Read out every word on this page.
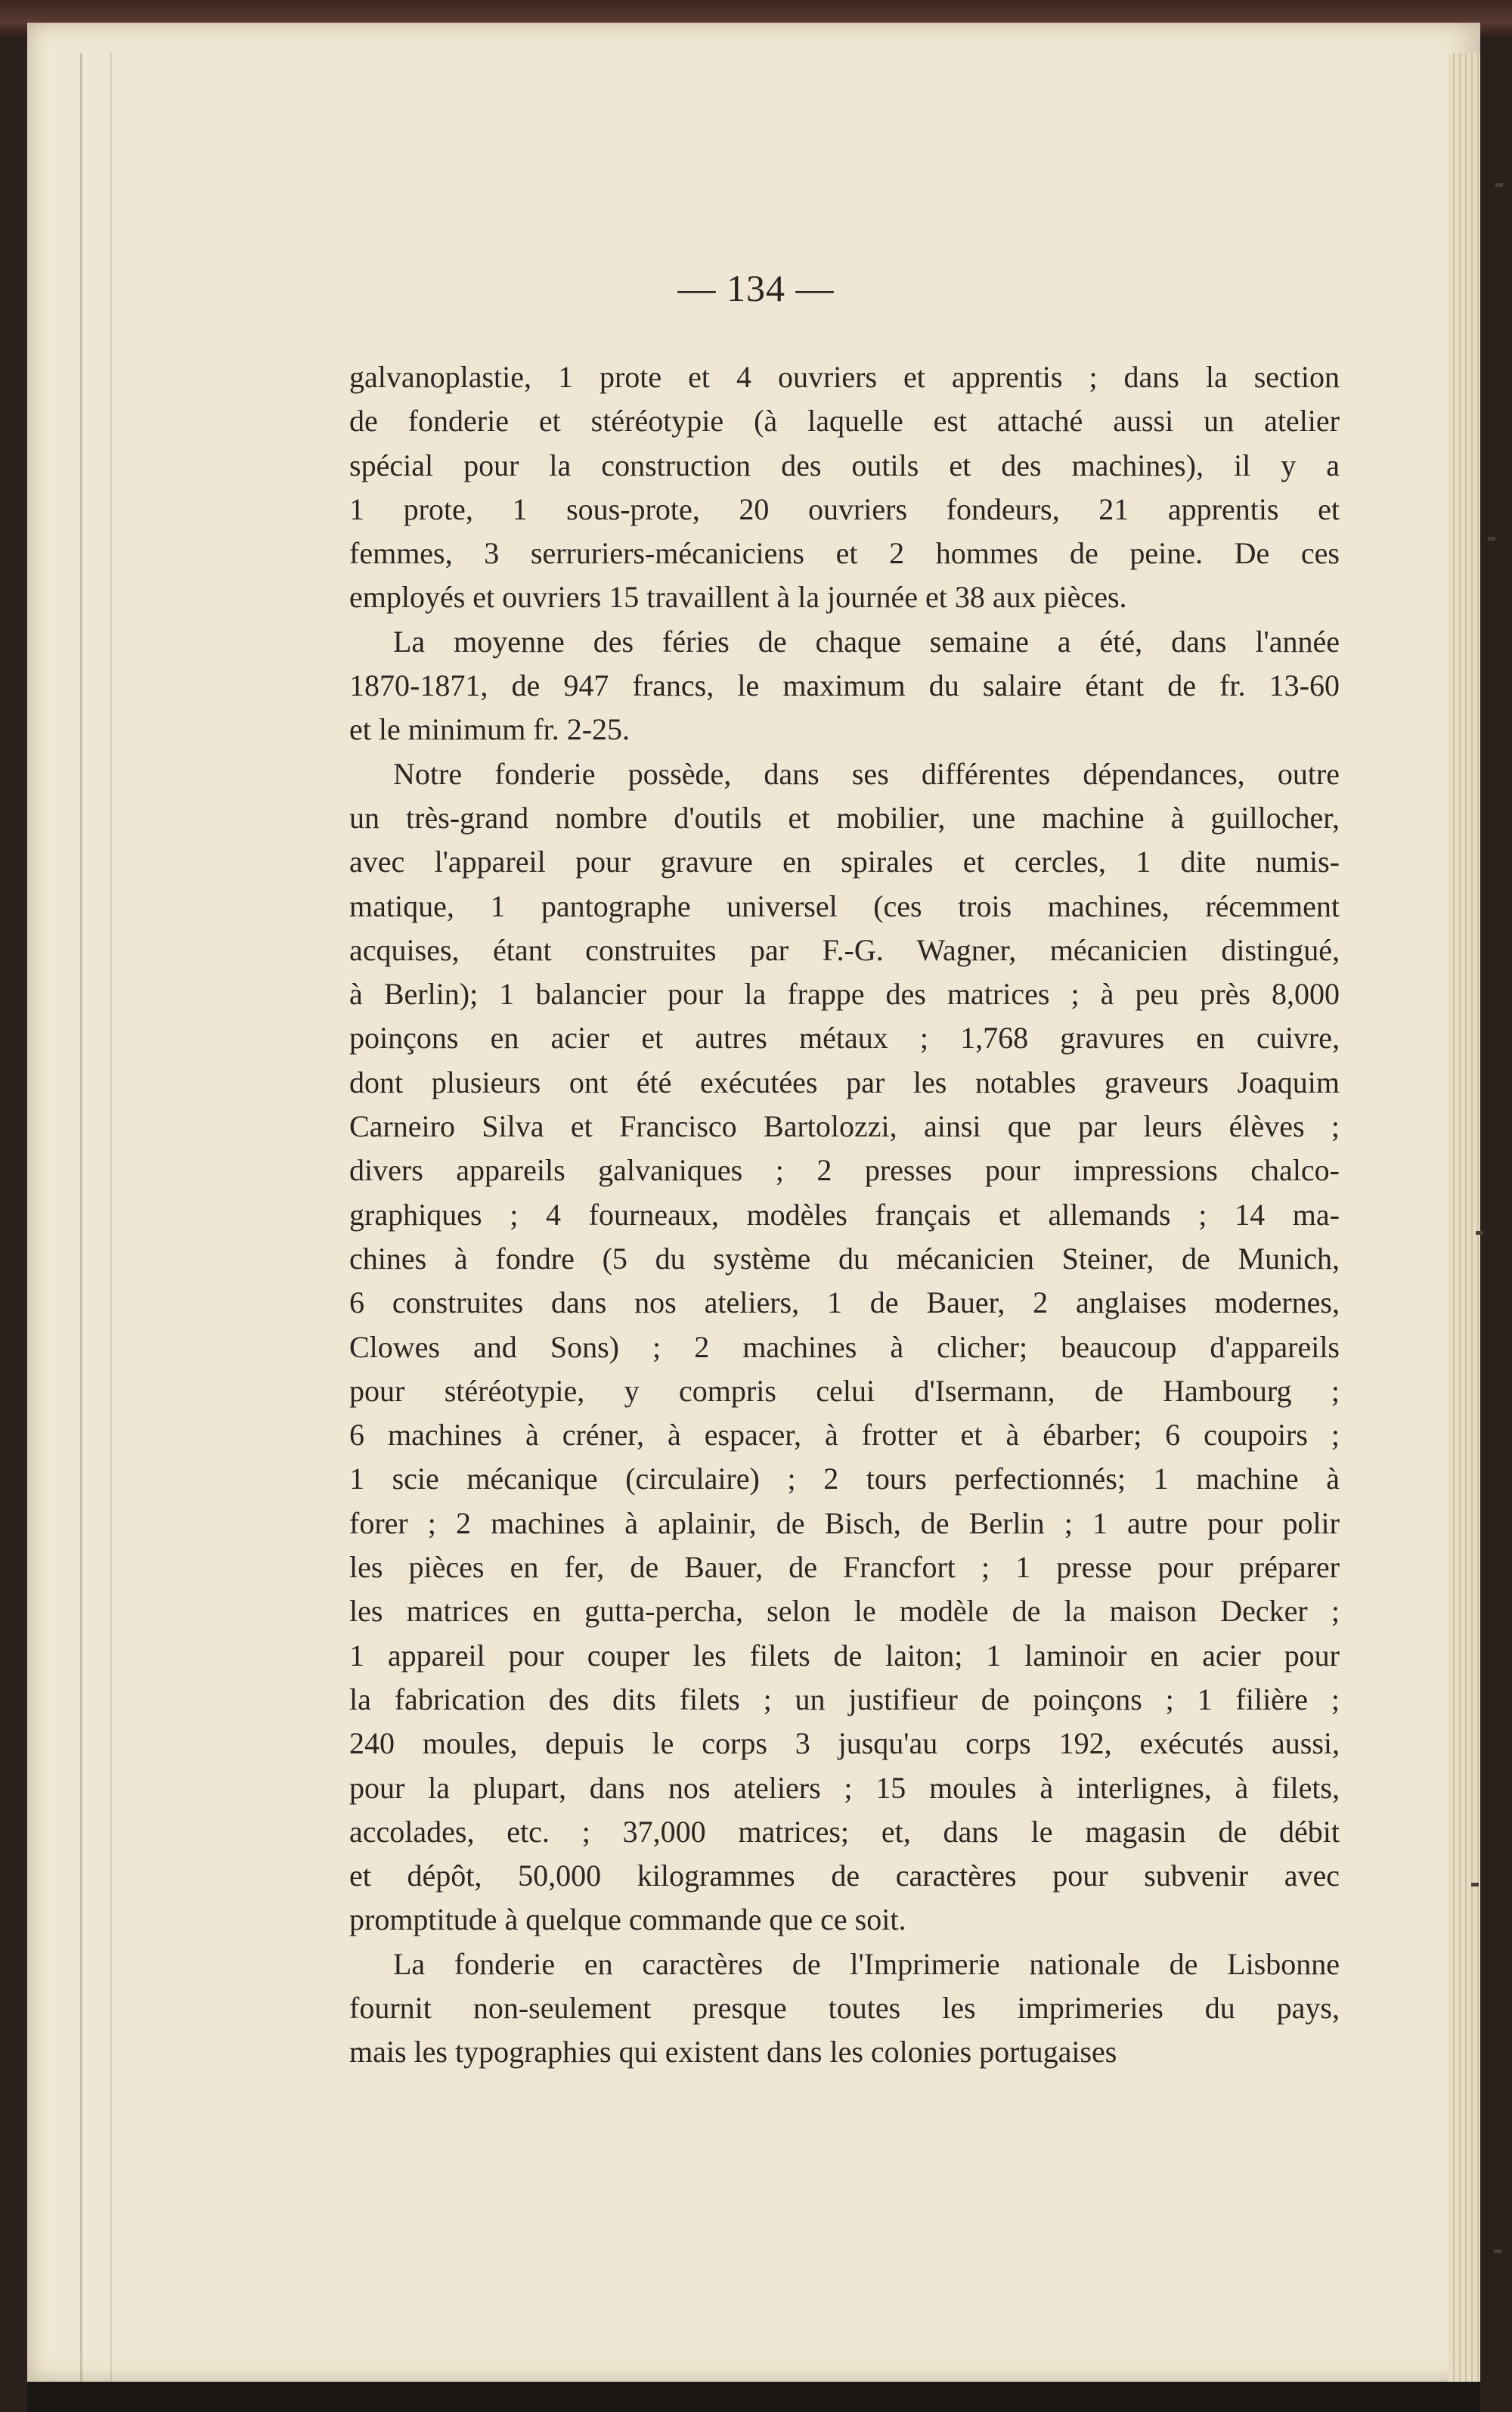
— 134 —
galvanoplastie, 1 prote et 4 ouvriers et apprentis ; dans la section
de fonderie et stéréotypie (à laquelle est attaché aussi un atelier
spécial pour la construction des outils et des machines), il y a
1 prote, 1 sous-prote, 20 ouvriers fondeurs, 21 apprentis et
femmes, 3 serruriers-mécaniciens et 2 hommes de peine. De ces
employés et ouvriers 15 travaillent à la journée et 38 aux pièces.
La moyenne des féries de chaque semaine a été, dans l'année
1870-1871, de 947 francs, le maximum du salaire étant de fr. 13-60
et le minimum fr. 2-25.
Notre fonderie possède, dans ses différentes dépendances, outre
un très-grand nombre d'outils et mobilier, une machine à guillocher,
avec l'appareil pour gravure en spirales et cercles, 1 dite numis-
matique, 1 pantographe universel (ces trois machines, récemment
acquises, étant construites par F.-G. Wagner, mécanicien distingué,
à Berlin); 1 balancier pour la frappe des matrices ; à peu près 8,000
poinçons en acier et autres métaux ; 1,768 gravures en cuivre,
dont plusieurs ont été exécutées par les notables graveurs Joaquim
Carneiro Silva et Francisco Bartolozzi, ainsi que par leurs élèves ;
divers appareils galvaniques ; 2 presses pour impressions chalco-
graphiques ; 4 fourneaux, modèles français et allemands ; 14 ma-
chines à fondre (5 du système du mécanicien Steiner, de Munich,
6 construites dans nos ateliers, 1 de Bauer, 2 anglaises modernes,
Clowes and Sons) ; 2 machines à clicher; beaucoup d'appareils
pour stéréotypie, y compris celui d'Isermann, de Hambourg ;
6 machines à créner, à espacer, à frotter et à ébarber; 6 coupoirs ;
1 scie mécanique (circulaire) ; 2 tours perfectionnés; 1 machine à
forer ; 2 machines à aplainir, de Bisch, de Berlin ; 1 autre pour polir
les pièces en fer, de Bauer, de Francfort ; 1 presse pour préparer
les matrices en gutta-percha, selon le modèle de la maison Decker ;
1 appareil pour couper les filets de laiton; 1 laminoir en acier pour
la fabrication des dits filets ; un justifieur de poinçons ; 1 filière ;
240 moules, depuis le corps 3 jusqu'au corps 192, exécutés aussi,
pour la plupart, dans nos ateliers ; 15 moules à interlignes, à filets,
accolades, etc. ; 37,000 matrices; et, dans le magasin de débit
et dépôt, 50,000 kilogrammes de caractères pour subvenir avec
promptitude à quelque commande que ce soit.
La fonderie en caractères de l'Imprimerie nationale de Lisbonne
fournit non-seulement presque toutes les imprimeries du pays,
mais les typographies qui existent dans les colonies portugaises
